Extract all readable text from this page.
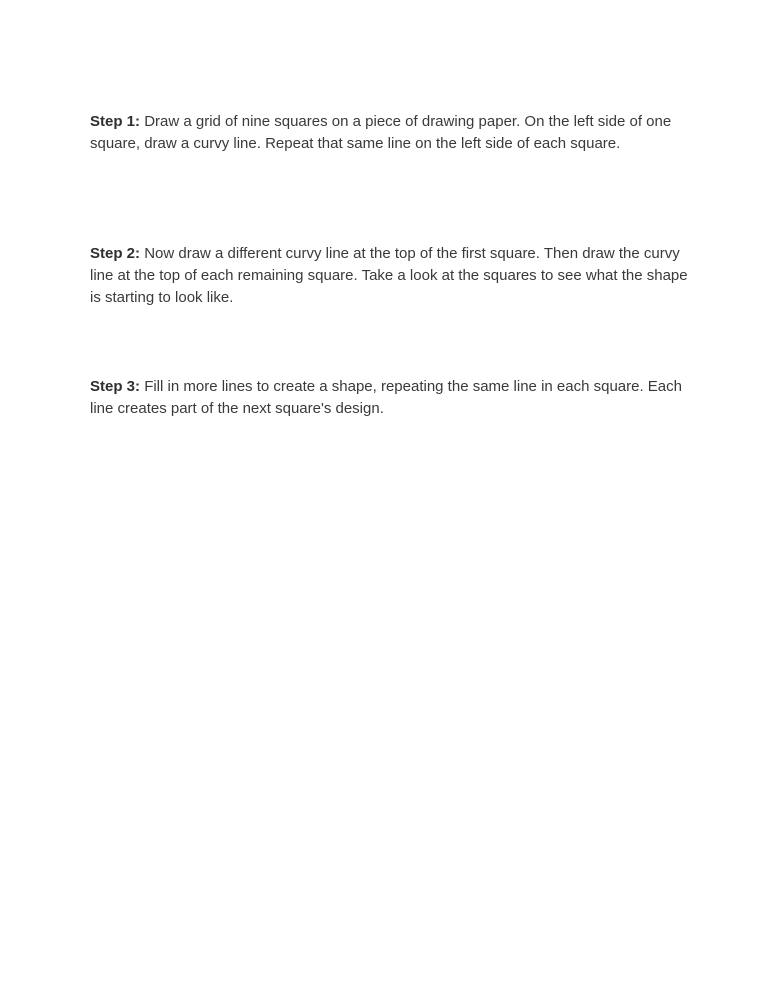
Step 1: Draw a grid of nine squares on a piece of drawing paper. On the left side of one square, draw a curvy line. Repeat that same line on the left side of each square.

Step 2: Now draw a different curvy line at the top of the first square. Then draw the curvy line at the top of each remaining square. Take a look at the squares to see what the shape is starting to look like.

Step 3: Fill in more lines to create a shape, repeating the same line in each square. Each line creates part of the next square's design.
